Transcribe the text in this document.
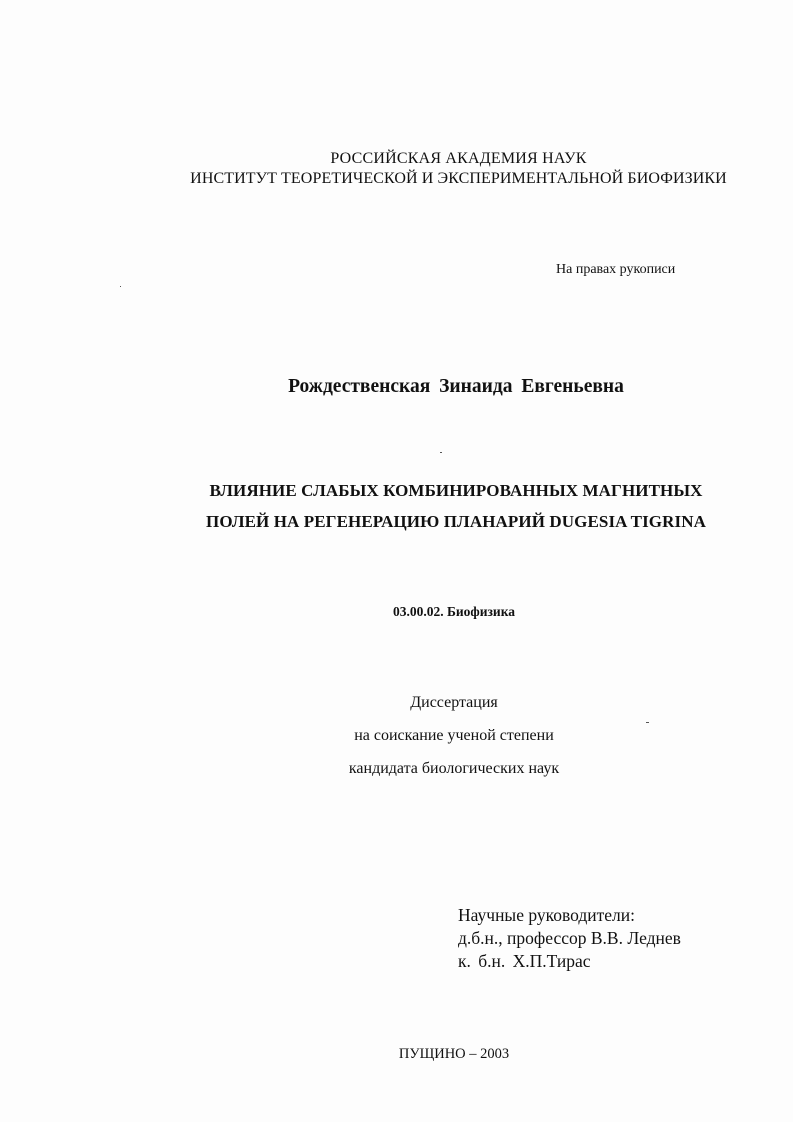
РОССИЙСКАЯ АКАДЕМИЯ НАУК
ИНСТИТУТ ТЕОРЕТИЧЕСКОЙ И ЭКСПЕРИМЕНТАЛЬНОЙ БИОФИЗИКИ
На правах рукописи
Рождественская Зинаида Евгеньевна
ВЛИЯНИЕ СЛАБЫХ КОМБИНИРОВАННЫХ МАГНИТНЫХ
ПОЛЕЙ НА РЕГЕНЕРАЦИЮ ПЛАНАРИЙ DUGESIA TIGRINA
03.00.02. Биофизика
Диссертация
на соискание ученой степени
кандидата биологических наук
Научные руководители:
д.б.н., профессор В.В. Леднев
к. б.н. Х.П.Тирас
ПУЩИНО – 2003
